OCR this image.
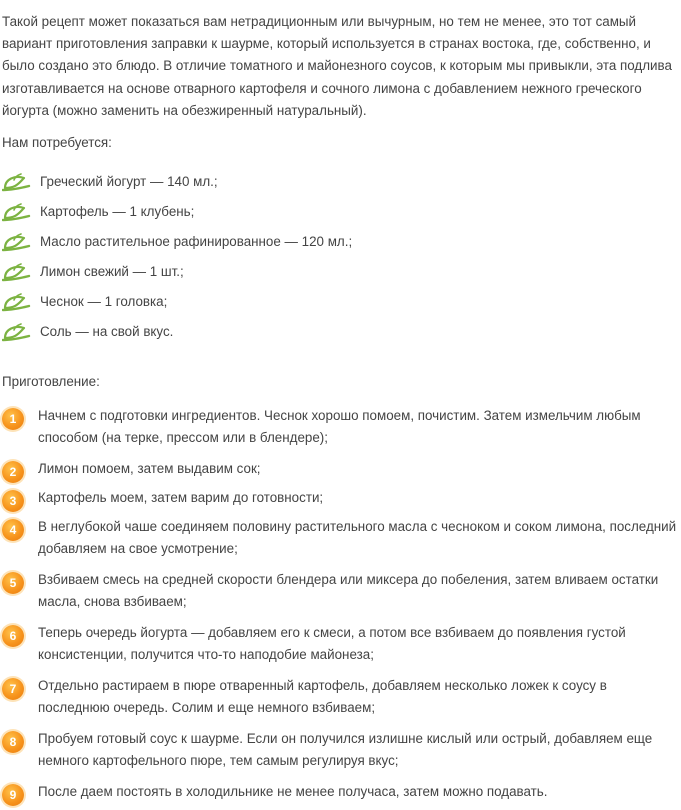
Такой рецепт может показаться вам нетрадиционным или вычурным, но тем не менее, это тот самый вариант приготовления заправки к шаурме, который используется в странах востока, где, собственно, и было создано это блюдо. В отличие томатного и майонезного соусов, к которым мы привыкли, эта подлива изготавливается на основе отварного картофеля и сочного лимона с добавлением нежного греческого йогурта (можно заменить на обезжиренный натуральный).

Нам потребуется:

Греческий йогурт — 140 мл.;
Картофель — 1 клубень;
Масло растительное рафинированное — 120 мл.;
Лимон свежий — 1 шт.;
Чеснок — 1 головка;
Соль — на свой вкус.

Приготовление:

1	Начнем с подготовки ингредиентов. Чеснок хорошо помоем, почистим. Затем измельчим любым способом (на терке, прессом или в блендере);
2	Лимон помоем, затем выдавим сок;
3	Картофель моем, затем варим до готовности;
4	В неглубокой чаше соединяем половину растительного масла с чесноком и соком лимона, последний добавляем на свое усмотрение;
5	Взбиваем смесь на средней скорости блендера или миксера до побеления, затем вливаем остатки масла, снова взбиваем;
6	Теперь очередь йогурта — добавляем его к смеси, а потом все взбиваем до появления густой консистенции, получится что-то наподобие майонеза;
7	Отдельно растираем в пюре отваренный картофель, добавляем несколько ложек к соусу в последнюю очередь. Солим и еще немного взбиваем;
8	Пробуем готовый соус к шаурме. Если он получился излишне кислый или острый, добавляем еще немного картофельного пюре, тем самым регулируя вкус;
9	После даем постоять в холодильнике не менее получаса, затем можно подавать.
